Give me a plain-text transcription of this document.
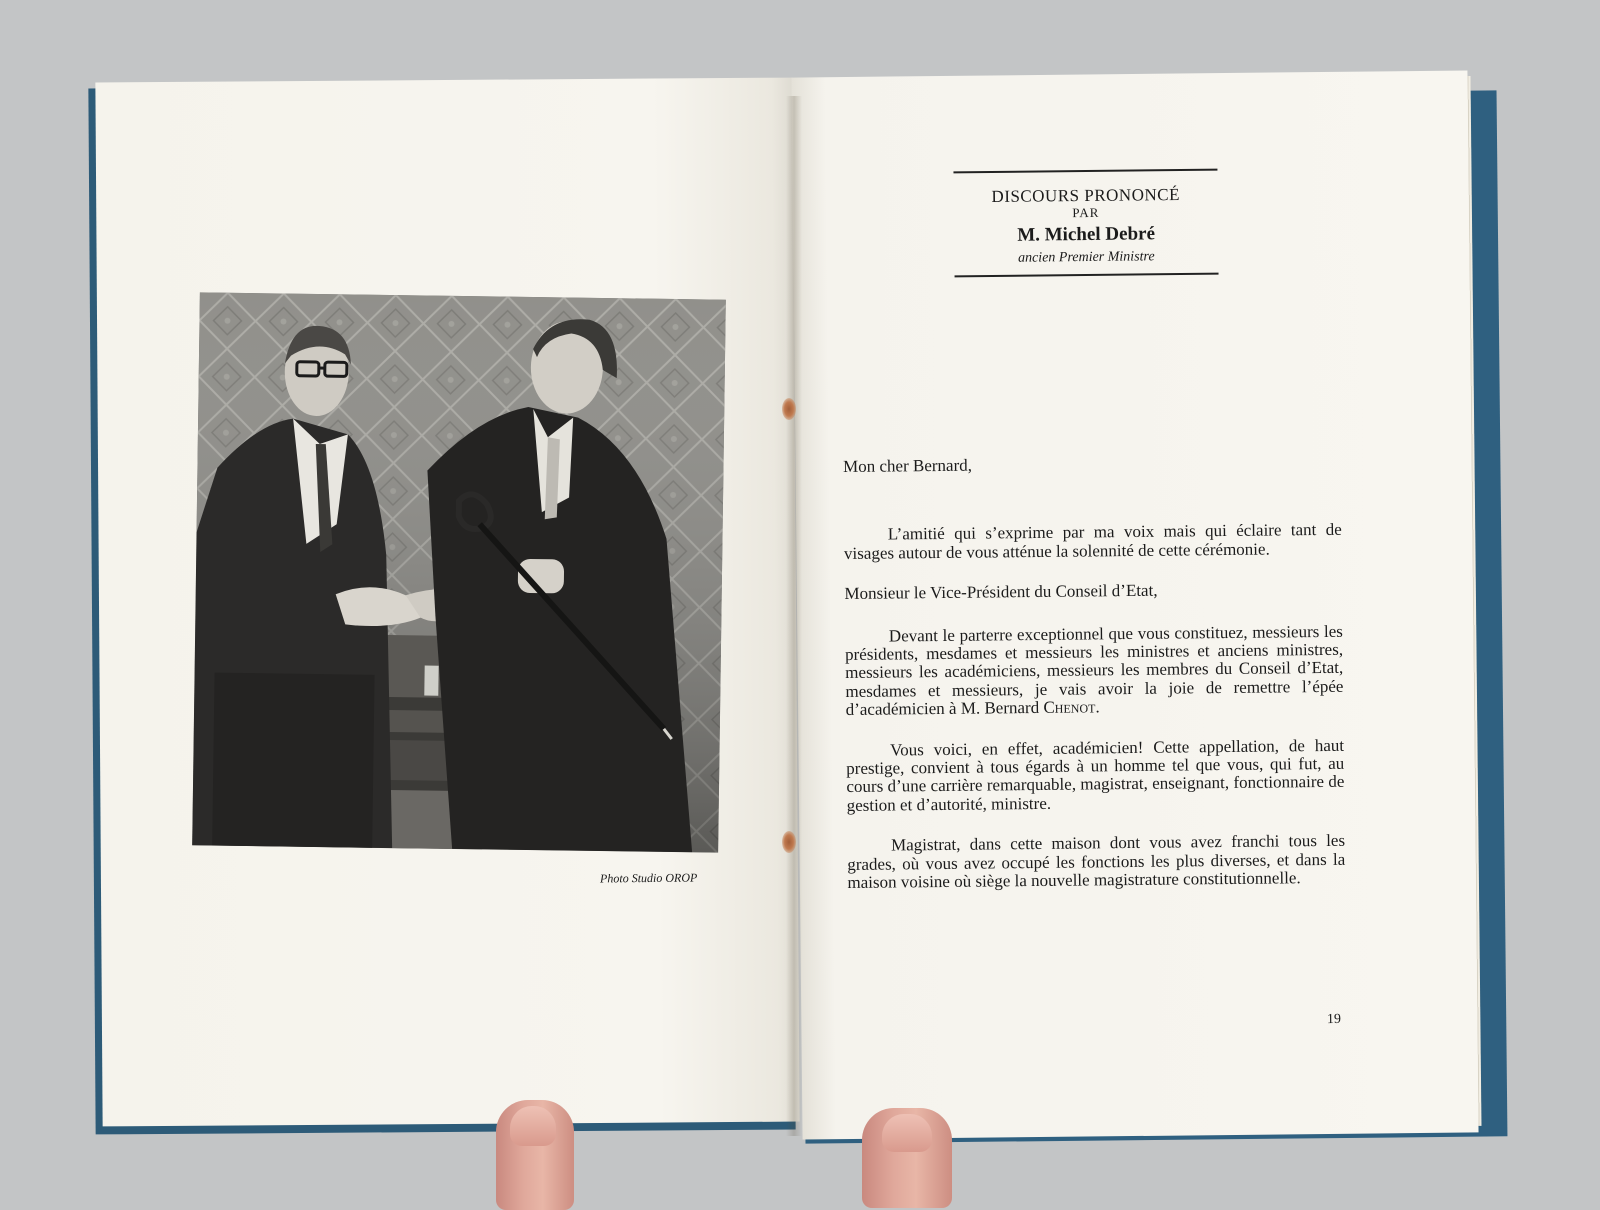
Photo Studio OROP
DISCOURS PRONONCÉ
PAR
M. Michel Debré
ancien Premier Ministre

Mon cher Bernard,

L’amitié qui s’exprime par ma voix mais qui éclaire tant de visages autour de vous atténue la solennité de cette cérémonie.

Monsieur le Vice-Président du Conseil d’Etat,

Devant le parterre exceptionnel que vous constituez, messieurs les présidents, mesdames et messieurs les ministres et anciens ministres, messieurs les académiciens, messieurs les membres du Conseil d’Etat, mesdames et messieurs, je vais avoir la joie de remettre l’épée d’académicien à M. Bernard Chenot.

Vous voici, en effet, académicien! Cette appellation, de haut prestige, convient à tous égards à un homme tel que vous, qui fut, au cours d’une carrière remarquable, magistrat, enseignant, fonctionnaire de gestion et d’autorité, ministre.

Magistrat, dans cette maison dont vous avez franchi tous les grades, où vous avez occupé les fonctions les plus diverses, et dans la maison voisine où siège la nouvelle magistrature constitutionnelle.

19
